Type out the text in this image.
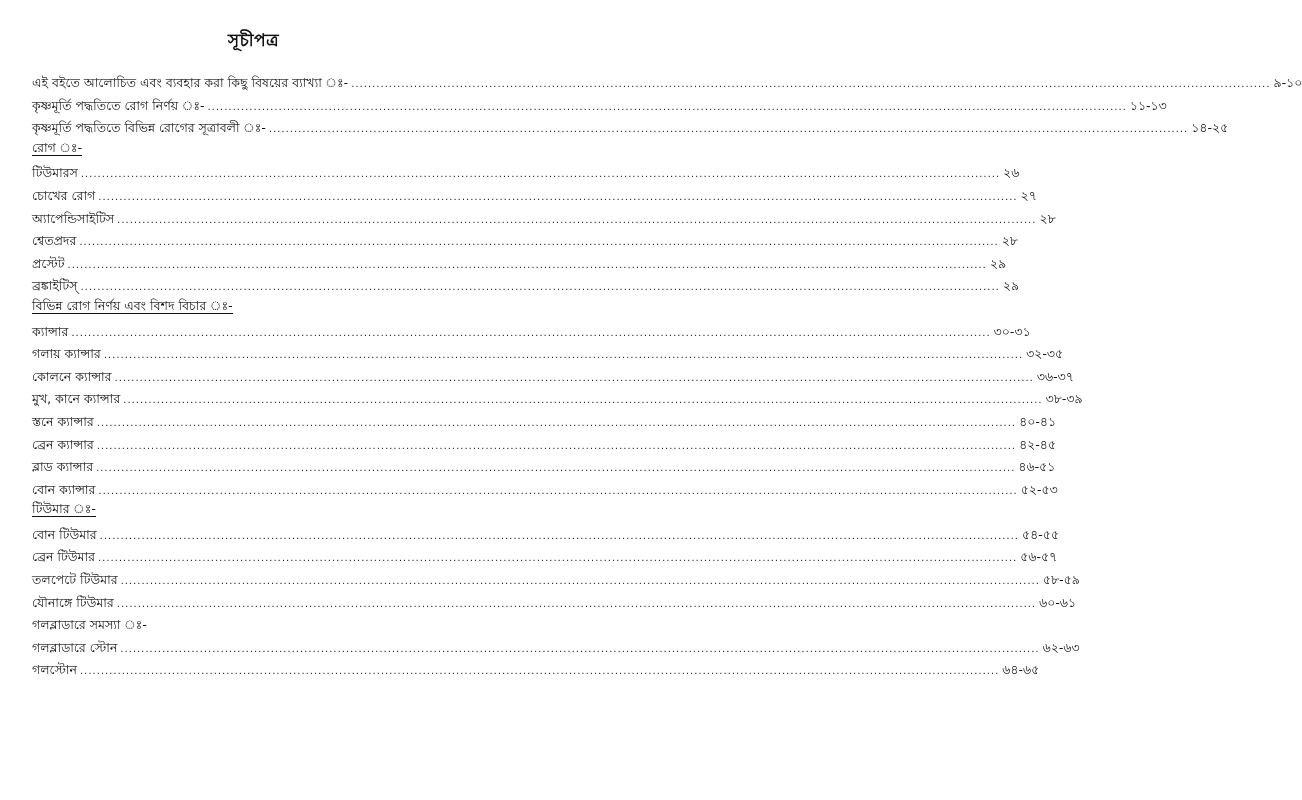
সূচীপত্র
এই বইতে আলোচিত এবং ব্যবহার করা কিছু বিষয়ের ব্যাখ্যা ঃ- ............................................................................................................................................................................................................................ ৯-১০
কৃষ্ণমূর্তি পদ্ধতিতে রোগ নির্ণয় ঃ- ............................................................................................................................................................................................................................ ১১-১৩
কৃষ্ণমূর্তি পদ্ধতিতে বিভিন্ন রোগের সূত্রাবলী ঃ- ............................................................................................................................................................................................................................ ১৪-২৫
রোগ ঃ-
টিউমারস ............................................................................................................................................................................................................................ ২৬
চোখের রোগ ............................................................................................................................................................................................................................ ২৭
অ্যাপেন্ডিসাইটিস ............................................................................................................................................................................................................................ ২৮
শ্বেতপ্রদর ............................................................................................................................................................................................................................ ২৮
প্রস্টেট ............................................................................................................................................................................................................................ ২৯
ব্রঙ্কাইটিস্ ............................................................................................................................................................................................................................ ২৯
বিভিন্ন রোগ নির্ণয় এবং বিশদ বিচার ঃ-
ক্যান্সার ............................................................................................................................................................................................................................ ৩০-৩১
গলায় ক্যান্সার ............................................................................................................................................................................................................................ ৩২-৩৫
কোলনে ক্যান্সার ............................................................................................................................................................................................................................ ৩৬-৩৭
মুখ, কানে ক্যান্সার ............................................................................................................................................................................................................................ ৩৮-৩৯
স্তনে ক্যান্সার ............................................................................................................................................................................................................................ ৪০-৪১
ব্রেন ক্যান্সার ............................................................................................................................................................................................................................ ৪২-৪৫
ব্লাড ক্যান্সার ............................................................................................................................................................................................................................ ৪৬-৫১
বোন ক্যান্সার ............................................................................................................................................................................................................................ ৫২-৫৩
টিউমার ঃ-
বোন টিউমার ............................................................................................................................................................................................................................ ৫৪-৫৫
ব্রেন টিউমার ............................................................................................................................................................................................................................ ৫৬-৫৭
তলপেটে টিউমার ............................................................................................................................................................................................................................ ৫৮-৫৯
যৌনাঙ্গে টিউমার ............................................................................................................................................................................................................................ ৬০-৬১
গলব্লাডারে সমস্যা ঃ-
গলব্লাডারে স্টোন ............................................................................................................................................................................................................................ ৬২-৬৩
গলস্টোন ............................................................................................................................................................................................................................ ৬৪-৬৫
